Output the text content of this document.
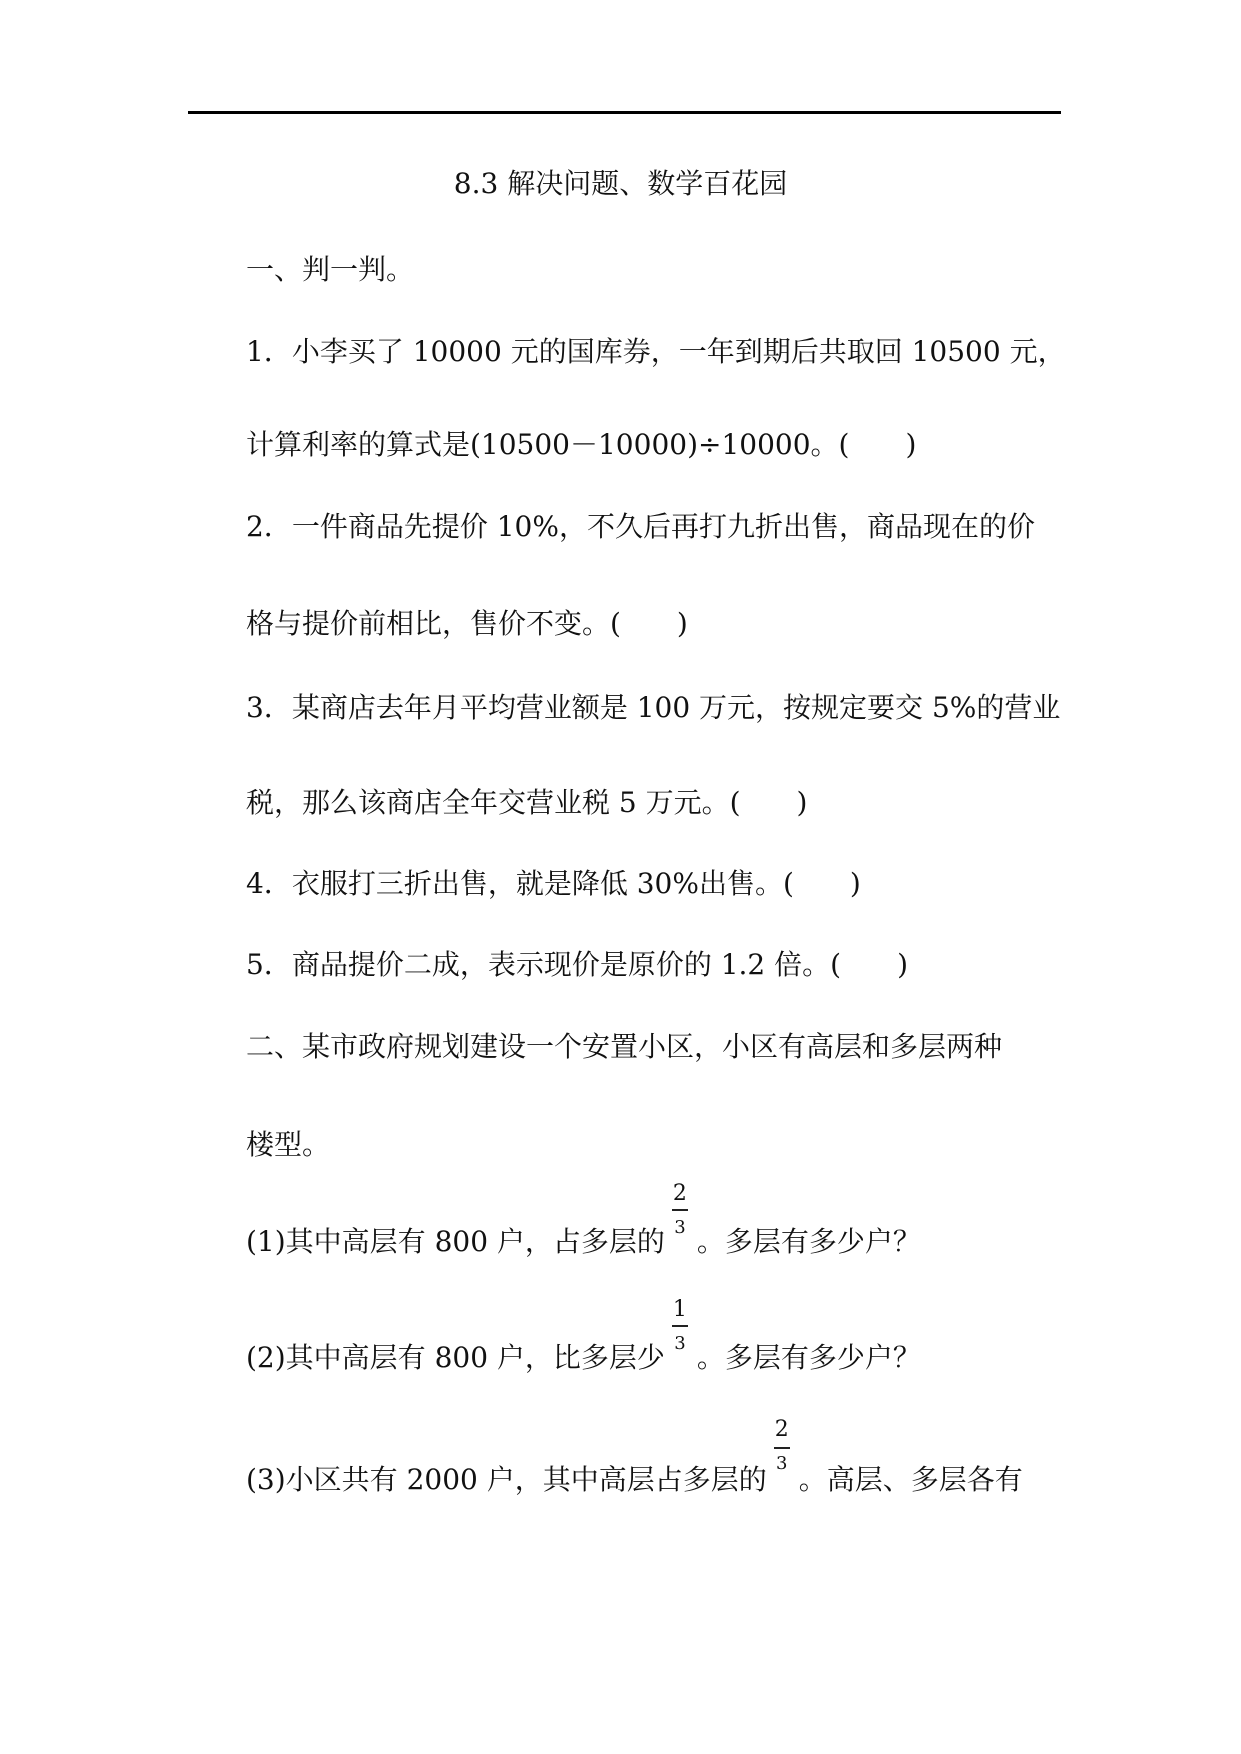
8.3 解决问题、数学百花园
一、判一判。
1．小李买了 10000 元的国库券，一年到期后共取回 10500 元，
计算利率的算式是(10500－10000)÷10000。(　　)
2．一件商品先提价 10%，不久后再打九折出售，商品现在的价
格与提价前相比，售价不变。(　　)
3．某商店去年月平均营业额是 100 万元，按规定要交 5%的营业
税，那么该商店全年交营业税 5 万元。(　　)
4．衣服打三折出售，就是降低 30%出售。(　　)
5．商品提价二成，表示现价是原价的 1.2 倍。(　　)
二、某市政府规划建设一个安置小区，小区有高层和多层两种
楼型。
(1)其中高层有 800 户，占多层的 $\frac{2}{3}$ 。多层有多少户？
(2)其中高层有 800 户，比多层少 $\frac{1}{3}$ 。多层有多少户？
(3)小区共有 2000 户，其中高层占多层的 $\frac{2}{3}$ 。高层、多层各有
